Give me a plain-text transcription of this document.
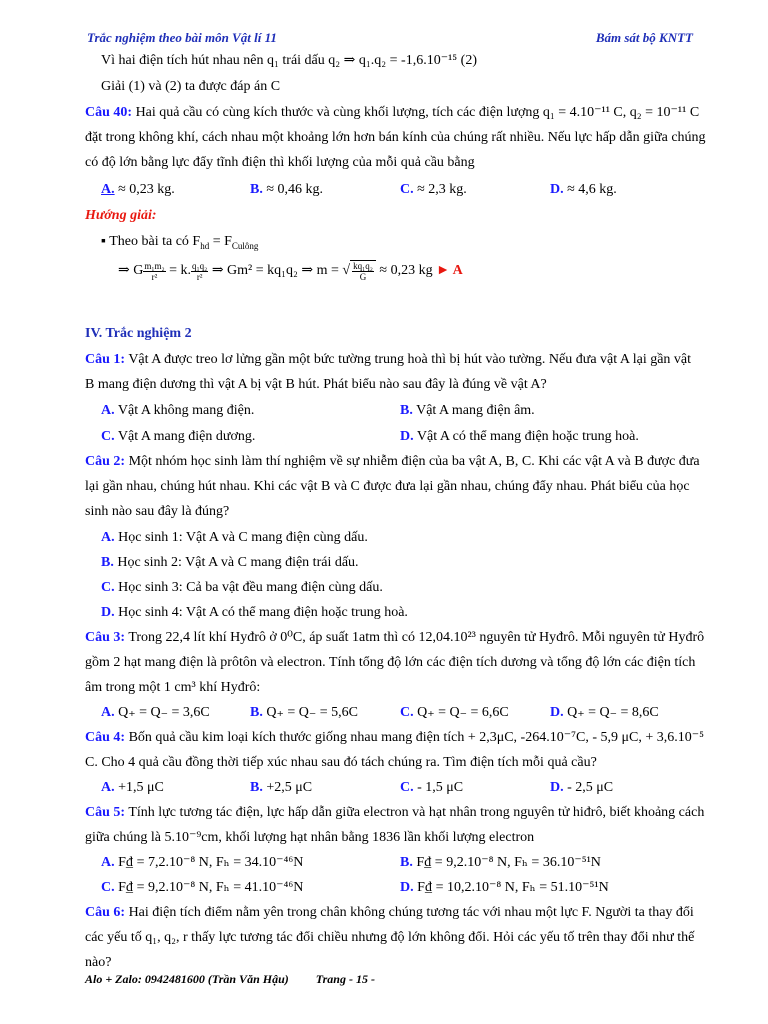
Trắc nghiệm theo bài môn Vật lí 11	Bám sát bộ KNTT
Vì hai điện tích hút nhau nên q₁ trái dấu q₂ ⇒ q₁.q₂ = -1,6.10⁻¹⁵ (2)
Giải (1) và (2) ta được đáp án C
Câu 40: Hai quả cầu có cùng kích thước và cùng khối lượng, tích các điện lượng q₁ = 4.10⁻¹¹ C, q₂ = 10⁻¹¹ C
đặt trong không khí, cách nhau một khoảng lớn hơn bán kính của chúng rất nhiều. Nếu lực hấp dẫn giữa chúng
có độ lớn bằng lực đẩy tĩnh điện thì khối lượng của mỗi quả cầu bằng
A. ≈ 0,23 kg.	B. ≈ 0,46 kg.	C. ≈ 2,3 kg.	D. ≈ 4,6 kg.
Hướng giải:
▪ Theo bài ta có $F_{hd} = F_{Culông}$
⇒ G $\frac{\text{m₁m₂}}{\text{r²}} = k$. $\frac{\text{q₁q₂}}{\text{r²}}$ ⇒ Gm² = kq₁q₂ ⇒ m = √ $\frac{\text{kq₁q₂}}{G} \approx 0,23$ kg ► A
IV. Trắc nghiệm 2
Câu 1: Vật A được treo lơ lửng gần một bức tường trung hoà thì bị hút vào tường. Nếu đưa vật A lại gần vật
B mang điện dương thì vật A bị vật B hút. Phát biểu nào sau đây là đúng về vật A?
A. Vật A không mang điện.	B. Vật A mang điện âm.
C. Vật A mang điện dương.	D. Vật A có thể mang điện hoặc trung hoà.
Câu 2: Một nhóm học sinh làm thí nghiệm về sự nhiễm điện của ba vật A, B, C. Khi các vật A và B được đưa
lại gần nhau, chúng hút nhau. Khi các vật B và C được đưa lại gần nhau, chúng đẩy nhau. Phát biểu của học
sinh nào sau đây là đúng?
A. Học sinh 1: Vật A và C mang điện cùng dấu.
B. Học sinh 2: Vật A và C mang điện trái dấu.
C. Học sinh 3: Cả ba vật đều mang điện cùng dấu.
D. Học sinh 4: Vật A có thể mang điện hoặc trung hoà.
Câu 3: Trong 22,4 lít khí Hyđrô ở 0⁰C, áp suất 1atm thì có 12,04.10²³ nguyên tử Hyđrô. Mỗi nguyên tử Hyđrô
gồm 2 hạt mang điện là prôtôn và electron. Tính tổng độ lớn các điện tích dương và tổng độ lớn các điện tích
âm trong một 1 cm³ khí Hyđrô:
A. Q₊ = Q₋ = 3,6C	B. Q₊ = Q₋ = 5,6C	C. Q₊ = Q₋ = 6,6C	D. Q₊ = Q₋ = 8,6C
Câu 4: Bốn quả cầu kim loại kích thước giống nhau mang điện tích + 2,3μC, -264.10⁻⁷C, - 5,9 μC, + 3,6.10⁻⁵
C. Cho 4 quả cầu đồng thời tiếp xúc nhau sau đó tách chúng ra. Tìm điện tích mỗi quả cầu?
A. +1,5 μC	B. +2,5 μC	C. - 1,5 μC	D. - 2,5 μC
Câu 5: Tính lực tương tác điện, lực hấp dẫn giữa electron và hạt nhân trong nguyên tử hiđrô, biết khoảng cách
giữa chúng là 5.10⁻⁹cm, khối lượng hạt nhân bằng 1836 lần khối lượng electron
A. F₫ = 7,2.10⁻⁸ N, Fₕ = 34.10⁻⁴⁶N	B. F₫ = 9,2.10⁻⁸ N, Fₕ = 36.10⁻⁵¹N
C. F₫ = 9,2.10⁻⁸ N, Fₕ = 41.10⁻⁴⁶N	D. F₫ = 10,2.10⁻⁸ N, Fₕ = 51.10⁻⁵¹N
Câu 6: Hai điện tích điểm nằm yên trong chân không chúng tương tác với nhau một lực F. Người ta thay đổi
các yếu tố q₁, q₂, r thấy lực tương tác đổi chiều nhưng độ lớn không đổi. Hỏi các yếu tố trên thay đổi như thế
nào?
Alo + Zalo: 0942481600 (Trần Văn Hậu)         Trang - 15 -
